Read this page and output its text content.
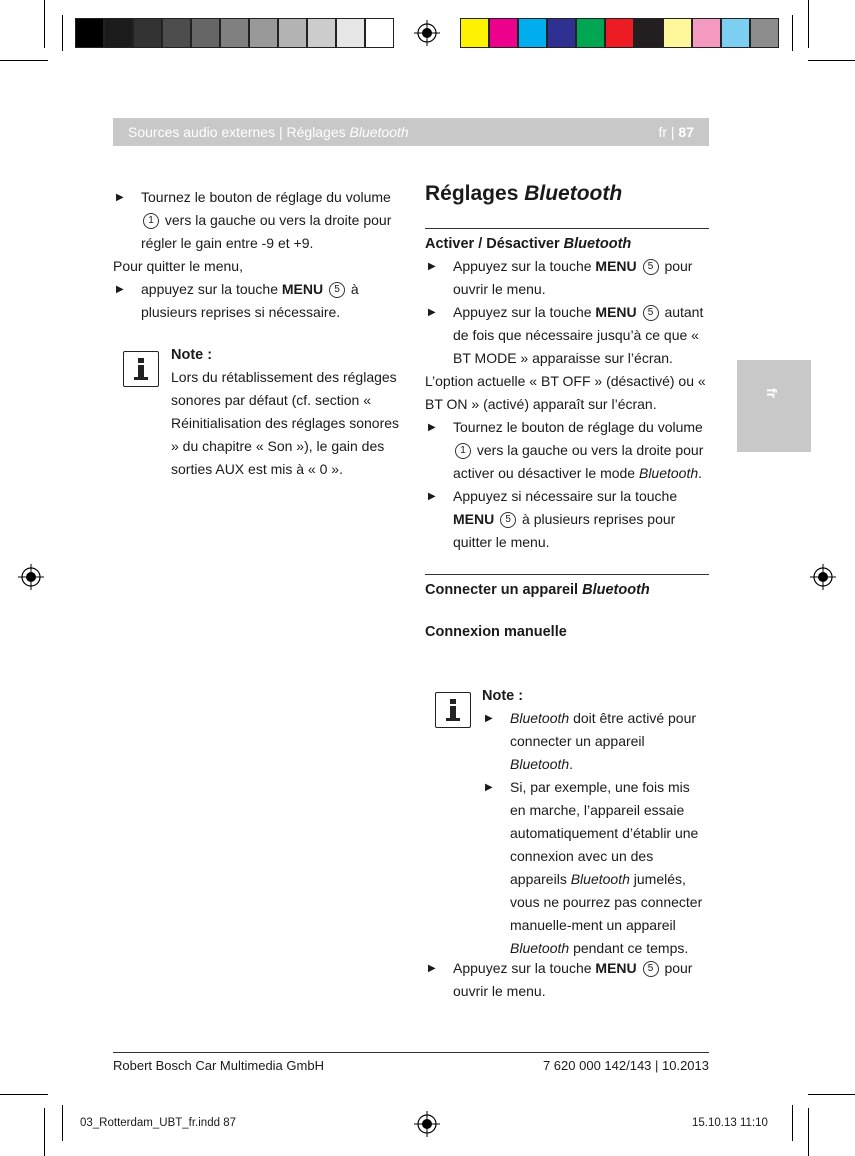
Sources audio externes | Réglages Bluetooth	fr | 87
fr
▶ Tournez le bouton de réglage du volume 1 vers la gauche ou vers la droite pour régler le gain entre -9 et +9.
Pour quitter le menu,
▶ appuyez sur la touche MENU 5 à plusieurs reprises si nécessaire.
Note :
Lors du rétablissement des réglages sonores par défaut (cf. section « Réinitialisation des réglages sonores » du chapitre « Son »), le gain des sorties AUX est mis à « 0 ».
Réglages Bluetooth
Activer / Désactiver Bluetooth
▶ Appuyez sur la touche MENU 5 pour ouvrir le menu.
▶ Appuyez sur la touche MENU 5 autant de fois que nécessaire jusqu’à ce que « BT MODE » apparaisse sur l’écran.
L’option actuelle « BT OFF » (désactivé) ou « BT ON » (activé) apparaît sur l’écran.
▶ Tournez le bouton de réglage du volume 1 vers la gauche ou vers la droite pour activer ou désactiver le mode Bluetooth.
▶ Appuyez si nécessaire sur la touche MENU 5 à plusieurs reprises pour quitter le menu.
Connecter un appareil Bluetooth
Connexion manuelle
Note :
▶ Bluetooth doit être activé pour connecter un appareil Bluetooth.
▶ Si, par exemple, une fois mis en marche, l’appareil essaie automatiquement d’établir une connexion avec un des appareils Bluetooth jumelés, vous ne pourrez pas connecter manuelle-ment un appareil Bluetooth pendant ce temps.
▶ Appuyez sur la touche MENU 5 pour ouvrir le menu.
Robert Bosch Car Multimedia GmbH	7 620 000 142/143 | 10.2013
03_Rotterdam_UBT_fr.indd 87	15.10.13 11:10
